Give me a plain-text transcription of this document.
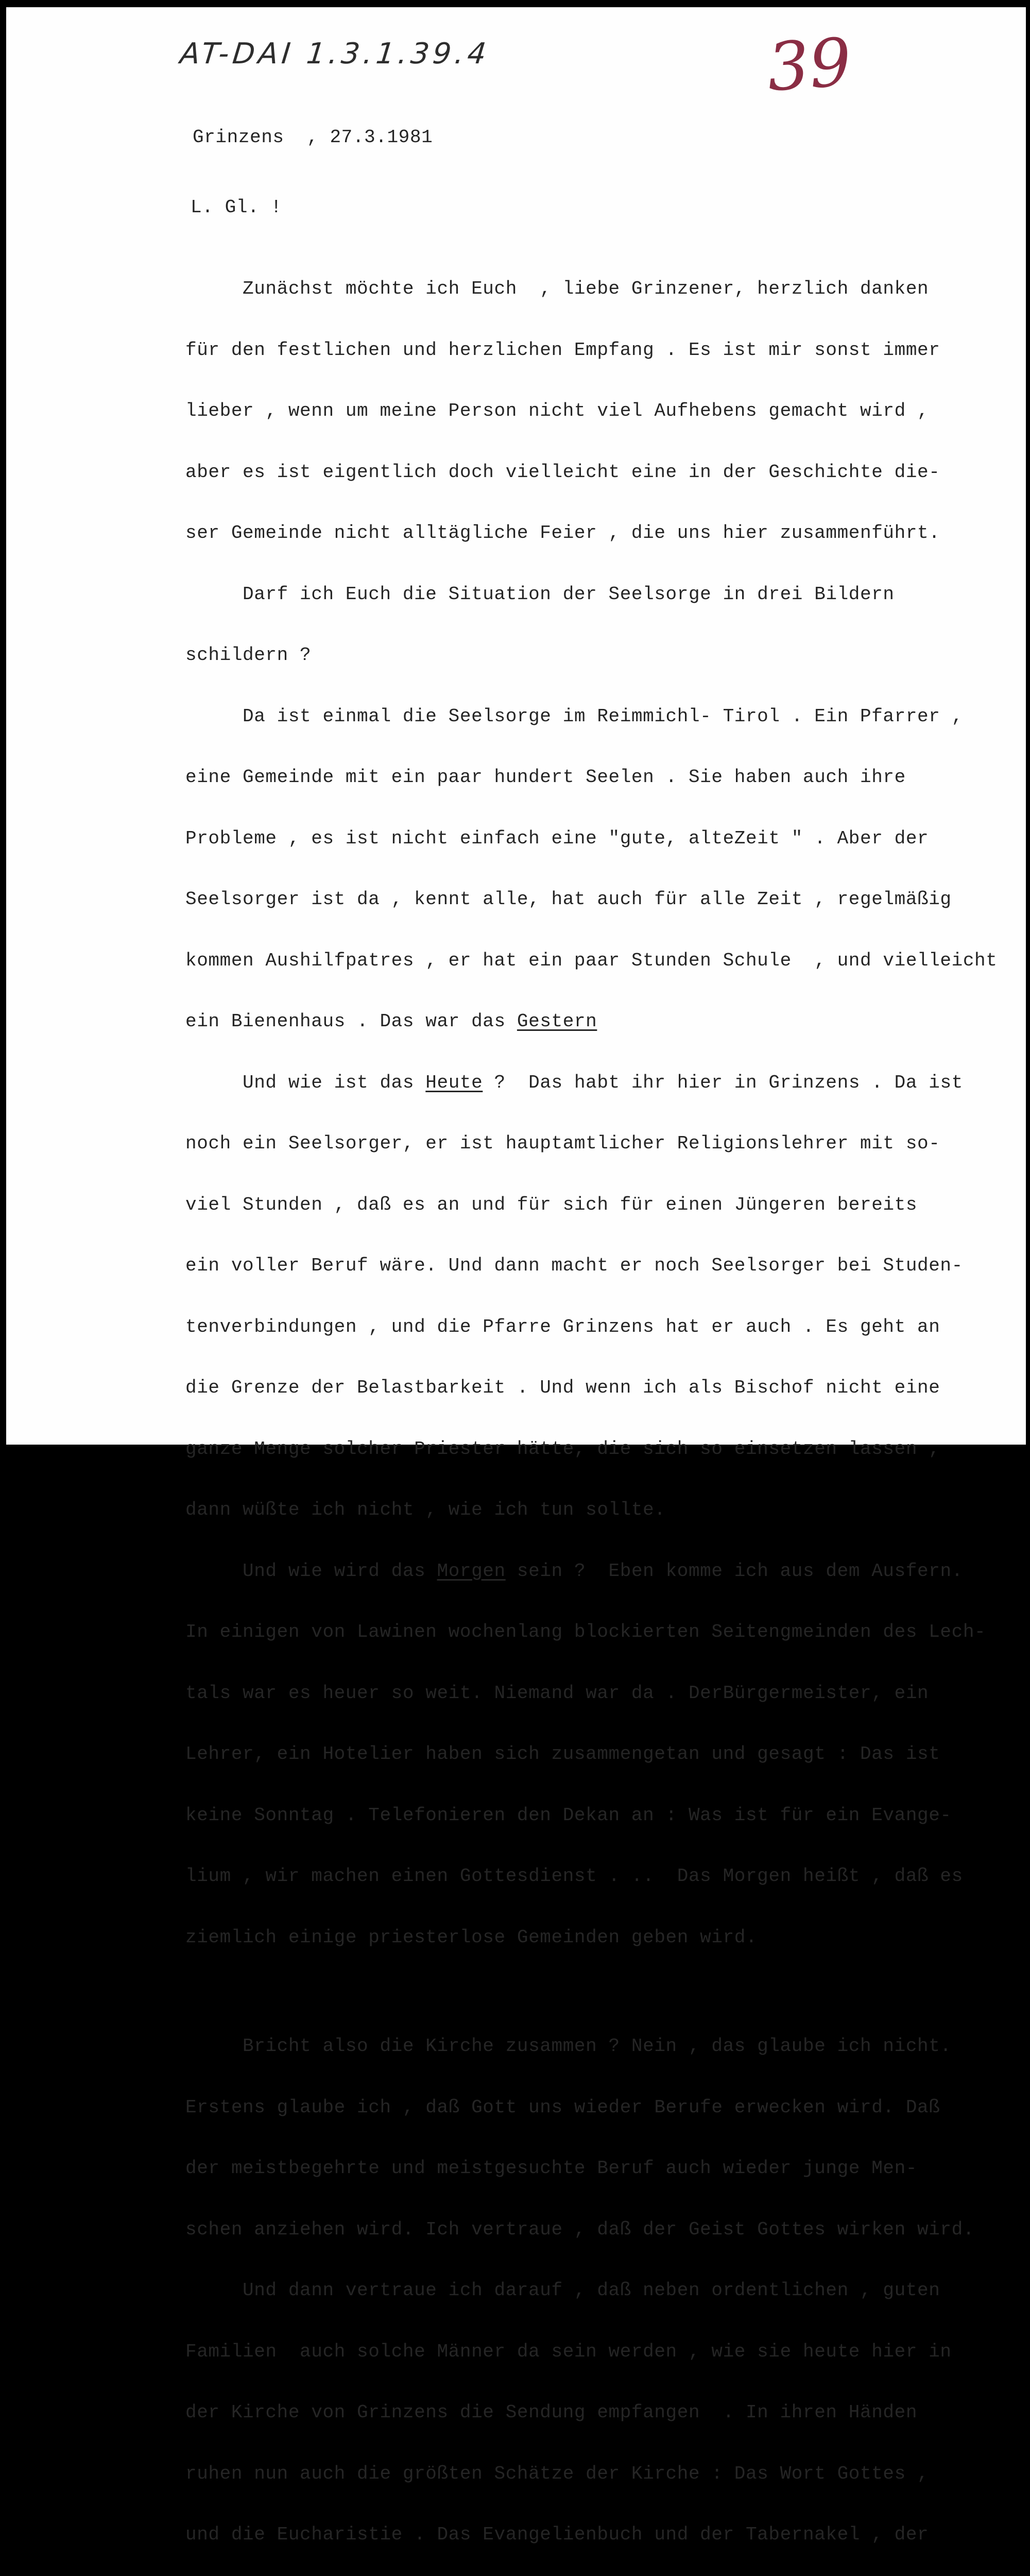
AT-DAI 1.3.1.39.4	39
Grinzens  , 27.3.1981
L. Gl. !

Zunächst möchte ich Euch  , liebe Grinzener, herzlich danken

für den festlichen und herzlichen Empfang . Es ist mir sonst immer

lieber , wenn um meine Person nicht viel Aufhebens gemacht wird ,

aber es ist eigentlich doch vielleicht eine in der Geschichte die-

ser Gemeinde nicht alltägliche Feier , die uns hier zusammenführt.

Darf ich Euch die Situation der Seelsorge in drei Bildern

schildern ?

Da ist einmal die Seelsorge im Reimmichl- Tirol . Ein Pfarrer ,

eine Gemeinde mit ein paar hundert Seelen . Sie haben auch ihre

Probleme , es ist nicht einfach eine "gute, alteZeit " . Aber der

Seelsorger ist da , kennt alle, hat auch für alle Zeit , regelmäßig

kommen Aushilfpatres , er hat ein paar Stunden Schule  , und vielleicht

ein Bienenhaus . Das war das Gestern

Und wie ist das Heute ?  Das habt ihr hier in Grinzens . Da ist

noch ein Seelsorger, er ist hauptamtlicher Religionslehrer mit so-

viel Stunden , daß es an und für sich für einen Jüngeren bereits

ein voller Beruf wäre. Und dann macht er noch Seelsorger bei Studen-

tenverbindungen , und die Pfarre Grinzens hat er auch . Es geht an

die Grenze der Belastbarkeit . Und wenn ich als Bischof nicht eine

ganze Menge solcher Priester hätte, die sich so einsetzen lassen ,

dann wüßte ich nicht , wie ich tun sollte.

Und wie wird das Morgen sein ?  Eben komme ich aus dem Ausfern.

In einigen von Lawinen wochenlang blockierten Seitengmeinden des Lech-

tals war es heuer so weit. Niemand war da . DerBürgermeister, ein

Lehrer, ein Hotelier haben sich zusammengetan und gesagt : Das ist

keine Sonntag . Telefonieren den Dekan an : Was ist für ein Evange-

lium , wir machen einen Gottesdienst . ..  Das Morgen heißt , daß es

ziemlich einige priesterlose Gemeinden geben wird.

Bricht also die Kirche zusammen ? Nein , das glaube ich nicht.

Erstens glaube ich , daß Gott uns wieder Berufe erwecken wird. Daß

der meistbegehrte und meistgesuchte Beruf auch wieder junge Men-

schen anziehen wird. Ich vertraue , daß der Geist Gottes wirken wird.

Und dann vertraue ich darauf , daß neben ordentlichen , guten

Familien  auch solche Männer da sein werden , wie sie heute hier in

der Kirche von Grinzens die Sendung empfangen  . In ihren Händen

ruhen nun auch die größten Schätze der Kirche : Das Wort Gottes ,

und die Eucharistie . Das Evangelienbuch und der Tabernakel , der
